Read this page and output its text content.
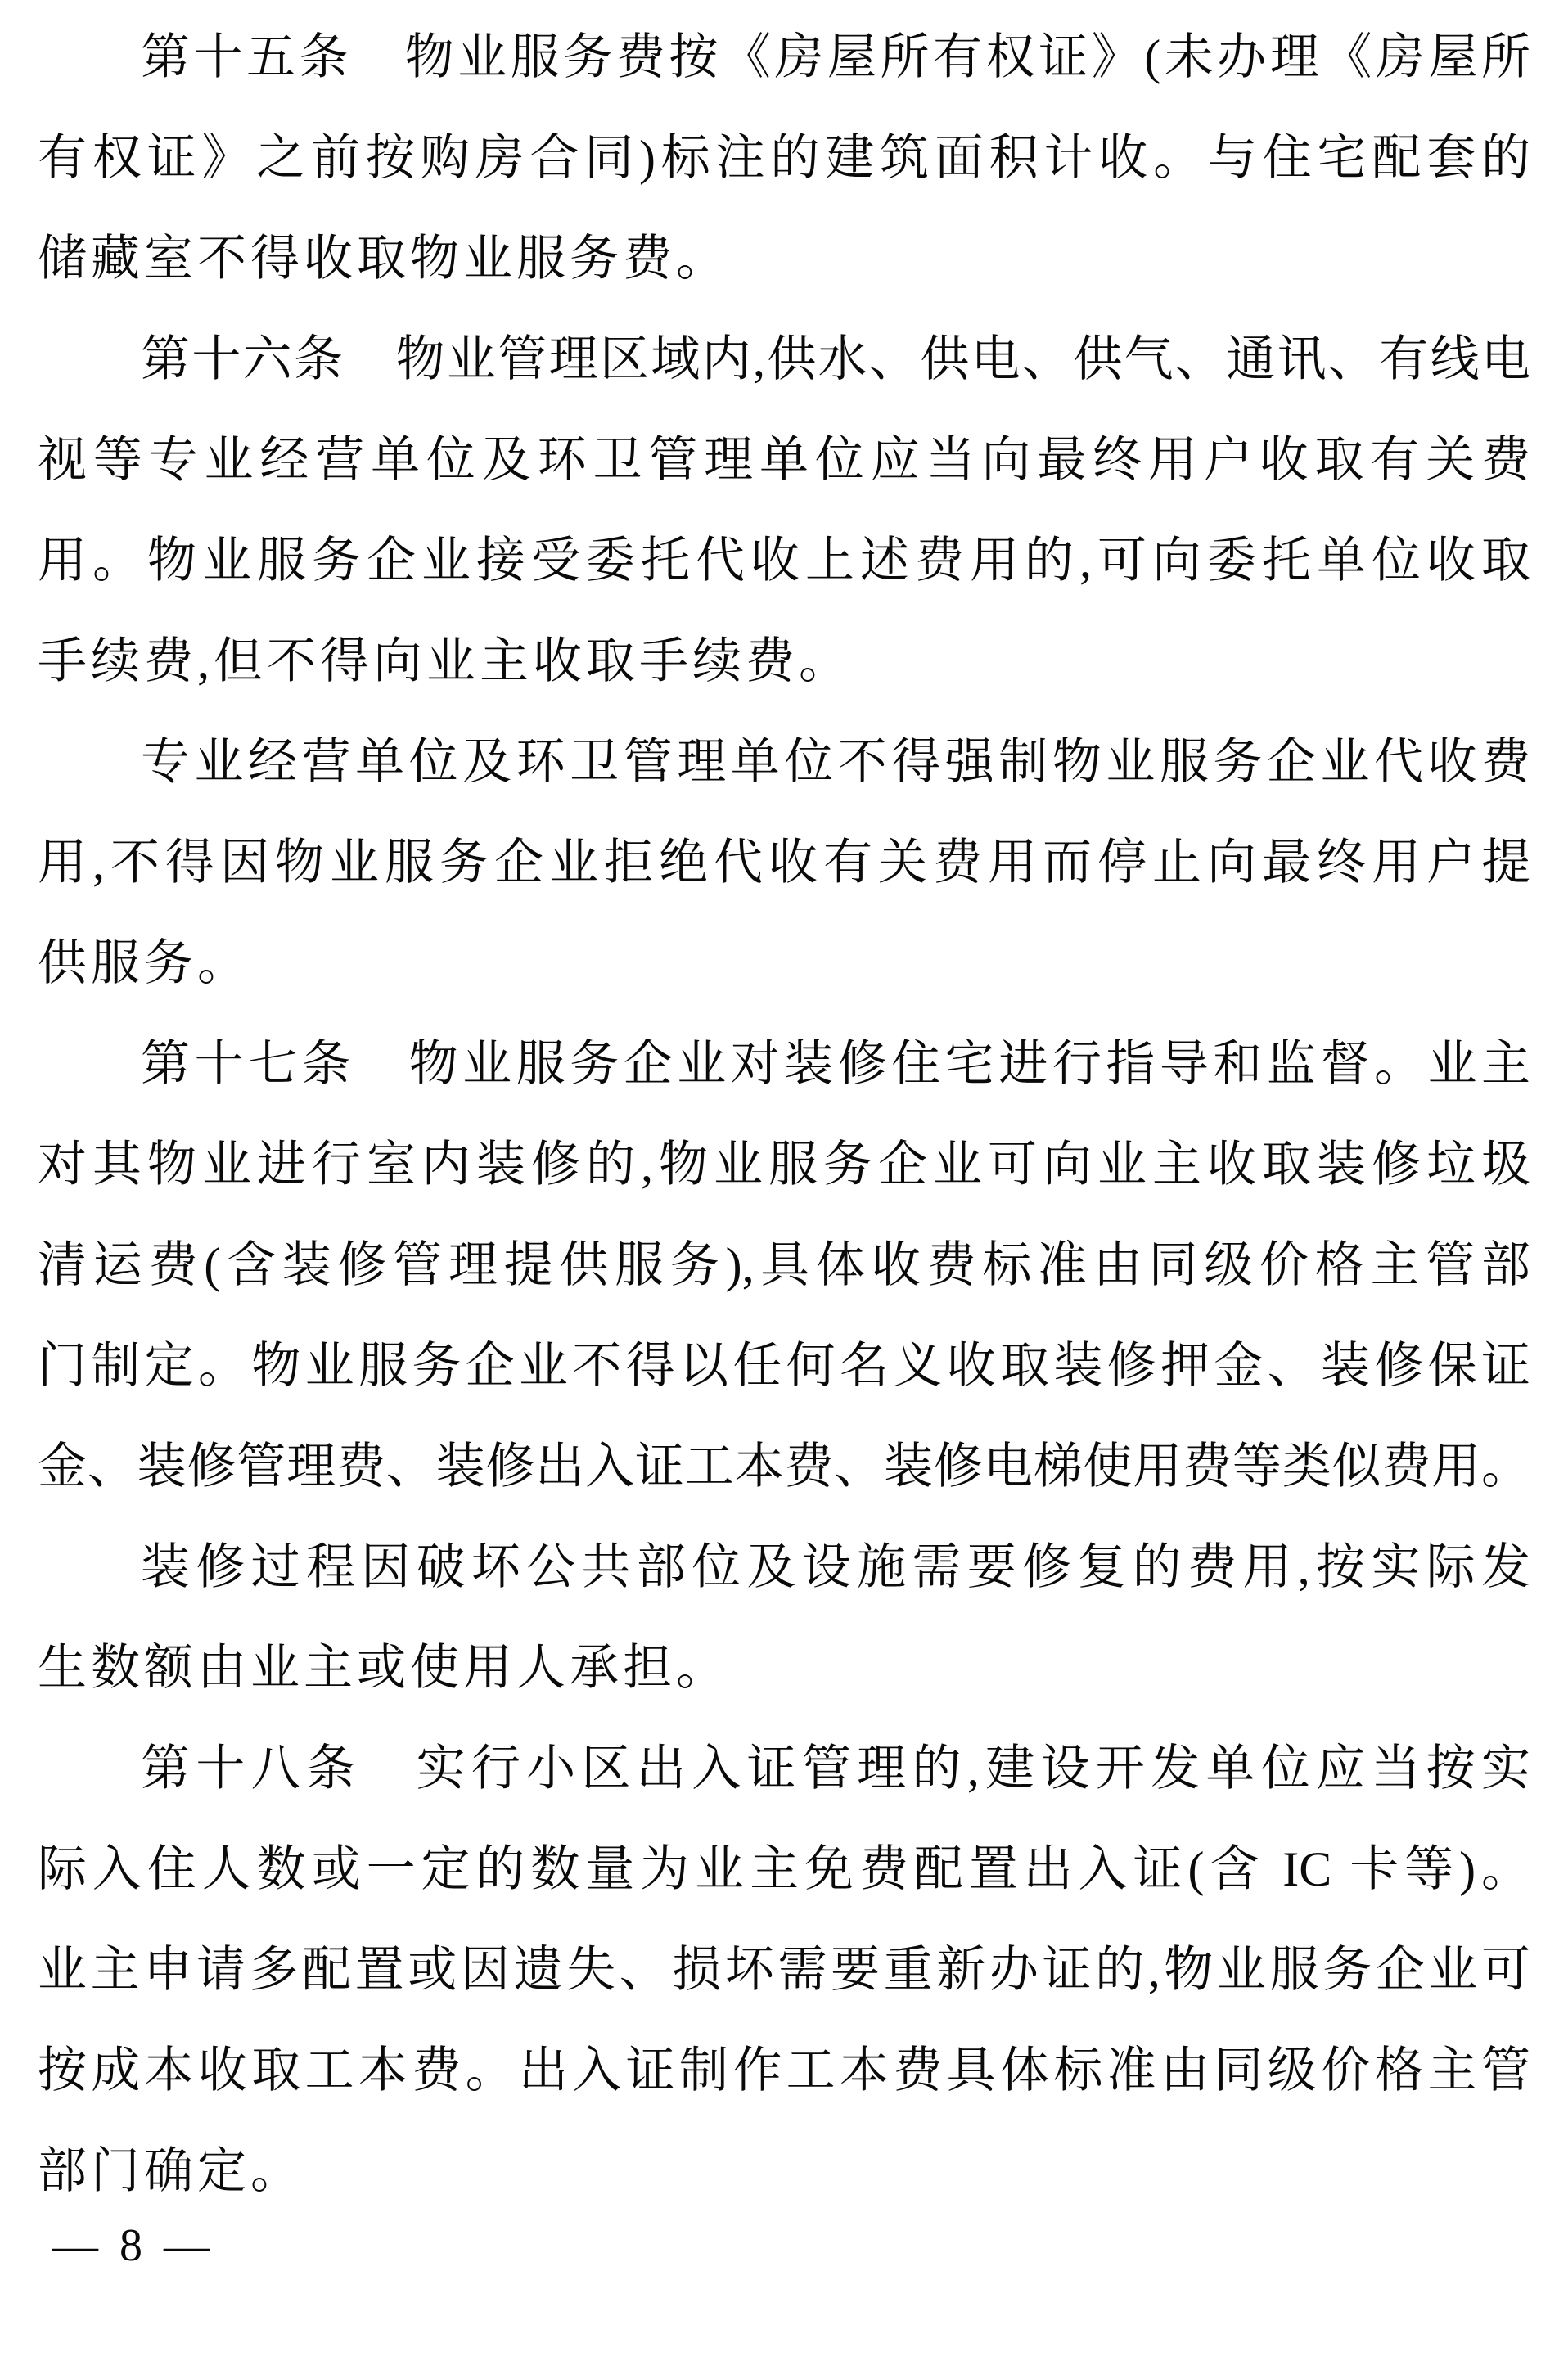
第十五条　物业服务费按《房屋所有权证》(未办理《房屋所
有权证》之前按购房合同)标注的建筑面积计收。与住宅配套的
储藏室不得收取物业服务费。
第十六条　物业管理区域内,供水、供电、供气、通讯、有线电
视等专业经营单位及环卫管理单位应当向最终用户收取有关费
用。物业服务企业接受委托代收上述费用的,可向委托单位收取
手续费,但不得向业主收取手续费。
专业经营单位及环卫管理单位不得强制物业服务企业代收费
用,不得因物业服务企业拒绝代收有关费用而停止向最终用户提
供服务。
第十七条　物业服务企业对装修住宅进行指导和监督。业主
对其物业进行室内装修的,物业服务企业可向业主收取装修垃圾
清运费(含装修管理提供服务),具体收费标准由同级价格主管部
门制定。物业服务企业不得以任何名义收取装修押金、装修保证
金、装修管理费、装修出入证工本费、装修电梯使用费等类似费用。
装修过程因破坏公共部位及设施需要修复的费用,按实际发
生数额由业主或使用人承担。
第十八条　实行小区出入证管理的,建设开发单位应当按实
际入住人数或一定的数量为业主免费配置出入证(含 IC 卡等)。
业主申请多配置或因遗失、损坏需要重新办证的,物业服务企业可
按成本收取工本费。出入证制作工本费具体标准由同级价格主管
部门确定。
— 8 —
